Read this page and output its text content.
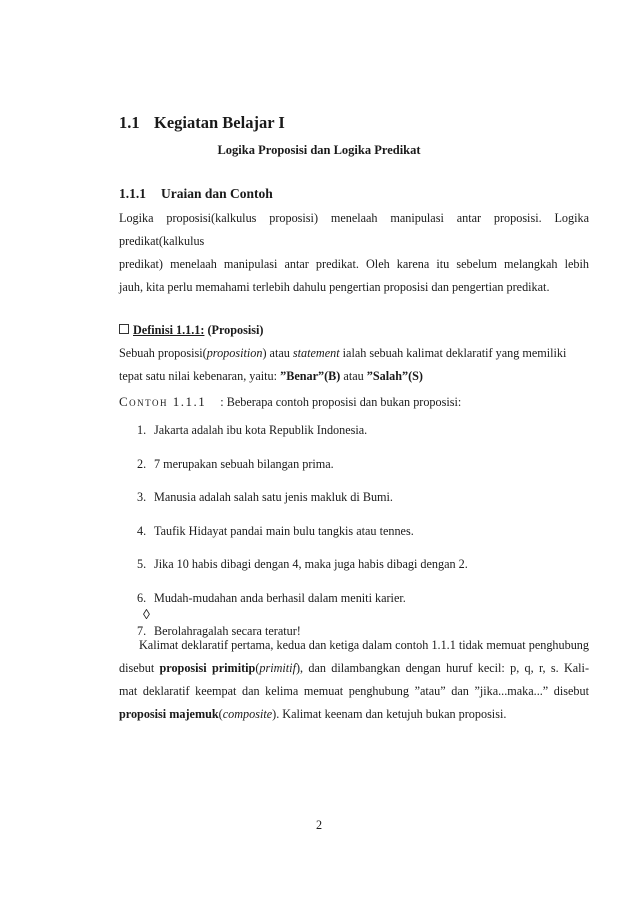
1.1 Kegiatan Belajar I
Logika Proposisi dan Logika Predikat
1.1.1 Uraian dan Contoh
Logika proposisi(kalkulus proposisi) menelaah manipulasi antar proposisi. Logika predikat(kalkulus
predikat) menelaah manipulasi antar predikat. Oleh karena itu sebelum melangkah lebih
jauh, kita perlu memahami terlebih dahulu pengertian proposisi dan pengertian predikat.
Definisi 1.1.1: (Proposisi)
Sebuah proposisi(proposition) atau statement ialah sebuah kalimat deklaratif yang memiliki
tepat satu nilai kebenaran, yaitu: ”Benar”(B) atau ”Salah”(S)
Contoh 1.1.1 : Beberapa contoh proposisi dan bukan proposisi:
1. Jakarta adalah ibu kota Republik Indonesia.
2. 7 merupakan sebuah bilangan prima.
3. Manusia adalah salah satu jenis makluk di Bumi.
4. Taufik Hidayat pandai main bulu tangkis atau tennes.
5. Jika 10 habis dibagi dengan 4, maka juga habis dibagi dengan 2.
6. Mudah-mudahan anda berhasil dalam meniti karier.
7. Berolahragalah secara teratur!
◊
Kalimat deklaratif pertama, kedua dan ketiga dalam contoh 1.1.1 tidak memuat penghubung
disebut proposisi primitip(primitif), dan dilambangkan dengan huruf kecil: p, q, r, s. Kali-
mat deklaratif keempat dan kelima memuat penghubung ”atau” dan ”jika...maka...” disebut
proposisi majemuk(composite). Kalimat keenam dan ketujuh bukan proposisi.
2
